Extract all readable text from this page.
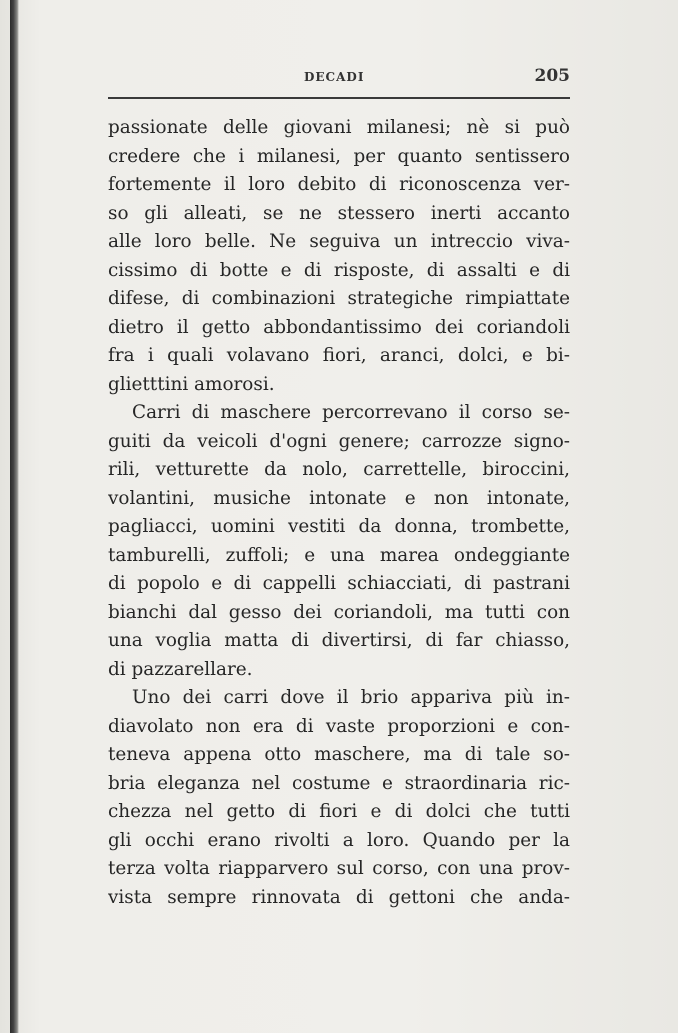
DECADI	205
passionate delle giovani milanesi; nè si può
credere che i milanesi, per quanto sentissero
fortemente il loro debito di riconoscenza ver-
so gli alleati, se ne stessero inerti accanto
alle loro belle. Ne seguiva un intreccio viva-
cissimo di botte e di risposte, di assalti e di
difese, di combinazioni strategiche rimpiattate
dietro il getto abbondantissimo dei coriandoli
fra i quali volavano fiori, aranci, dolci, e bi-
glietttini amorosi.
Carri di maschere percorrevano il corso se-
guiti da veicoli d'ogni genere; carrozze signo-
rili, vetturette da nolo, carrettelle, biroccini,
volantini, musiche intonate e non intonate,
pagliacci, uomini vestiti da donna, trombette,
tamburelli, zuffoli; e una marea ondeggiante
di popolo e di cappelli schiacciati, di pastrani
bianchi dal gesso dei coriandoli, ma tutti con
una voglia matta di divertirsi, di far chiasso,
di pazzarellare.
Uno dei carri dove il brio appariva più in-
diavolato non era di vaste proporzioni e con-
teneva appena otto maschere, ma di tale so-
bria eleganza nel costume e straordinaria ric-
chezza nel getto di fiori e di dolci che tutti
gli occhi erano rivolti a loro. Quando per la
terza volta riapparvero sul corso, con una prov-
vista sempre rinnovata di gettoni che anda-
